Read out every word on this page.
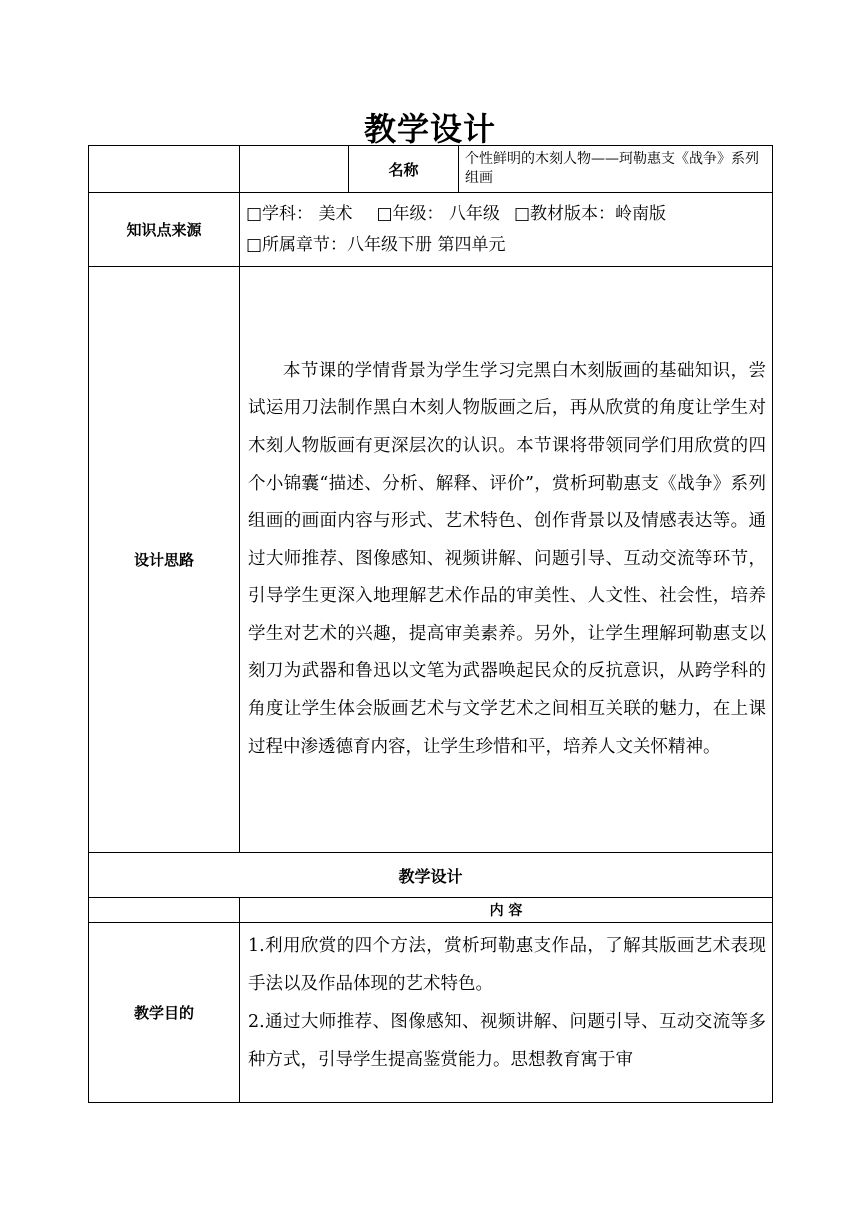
教学设计
		名称	个性鲜明的木刻人物——珂勒惠支《战争》系列组画
知识点来源	□学科： 美术 □年级： 八年级 □教材版本：岭南版
□所属章节：八年级下册 第四单元		

设计思路	本节课的学情背景为学生学习完黑白木刻版画的基础知识，尝试运用刀法制作黑白木刻人物版画之后，再从欣赏的角度让学生对木刻人物版画有更深层次的认识。本节课将带领同学们用欣赏的四个小锦囊“描述、分析、解释、评价”，赏析珂勒惠支《战争》系列组画的画面内容与形式、艺术特色、创作背景以及情感表达等。通过大师推荐、图像感知、视频讲解、问题引导、互动交流等环节，引导学生更深入地理解艺术作品的审美性、人文性、社会性，培养学生对艺术的兴趣，提高审美素养。另外，让学生理解珂勒惠支以刻刀为武器和鲁迅以文笔为武器唤起民众的反抗意识，从跨学科的角度让学生体会版画艺术与文学艺术之间相互关联的魅力，在上课过程中渗透德育内容，让学生珍惜和平，培养人文关怀精神。		

教学设计			
	内 容		
教学目的	1.利用欣赏的四个方法，赏析珂勒惠支作品，了解其版画艺术表现手法以及作品体现的艺术特色。

2.通过大师推荐、图像感知、视频讲解、问题引导、互动交流等多种方式，引导学生提高鉴赏能力。思想教育寓于审		
